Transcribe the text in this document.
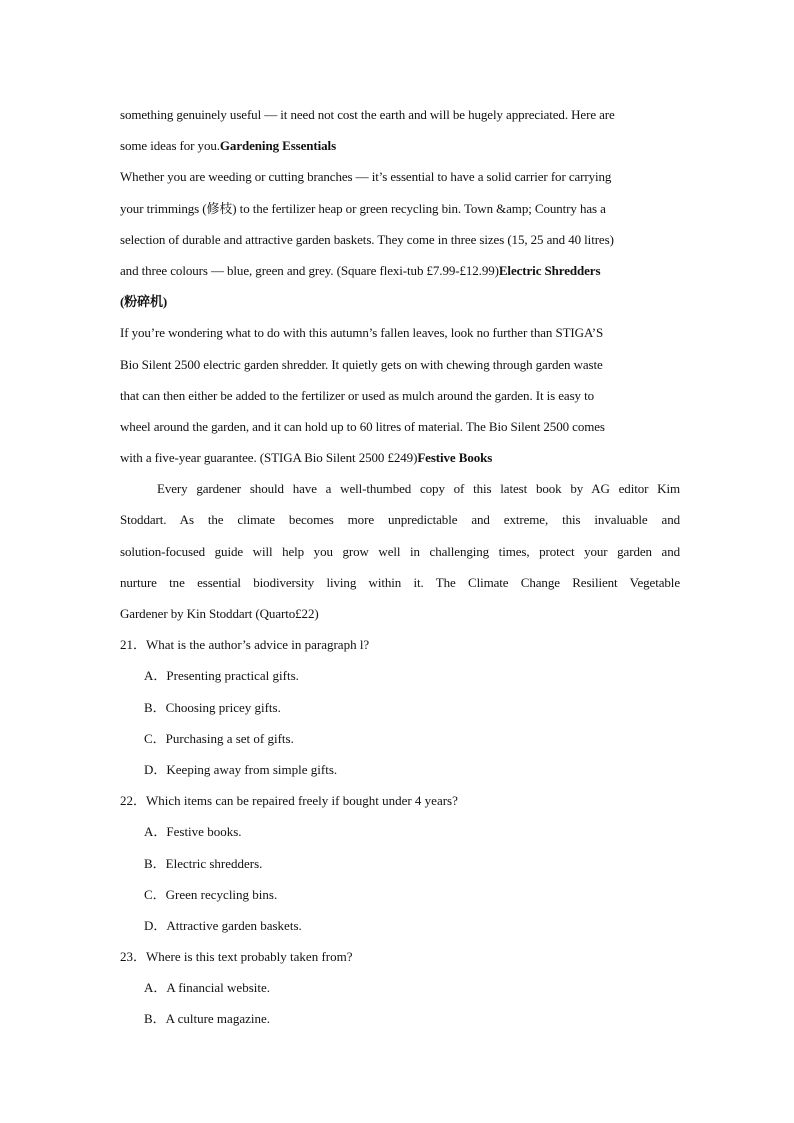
something genuinely useful — it need not cost the earth and will be hugely appreciated. Here are
some ideas for you.Gardening Essentials
Whether you are weeding or cutting branches — it’s essential to have a solid carrier for carrying
your trimmings (修枝) to the fertilizer heap or green recycling bin. Town &amp; Country has a
selection of durable and attractive garden baskets. They come in three sizes (15, 25 and 40 litres)
and three colours — blue, green and grey. (Square flexi-tub £7.99-£12.99)Electric Shredders
(粉碎机)
If you’re wondering what to do with this autumn’s fallen leaves, look no further than STIGA’S
Bio Silent 2500 electric garden shredder. It quietly gets on with chewing through garden waste
that can then either be added to the fertilizer or used as mulch around the garden. It is easy to
wheel around the garden, and it can hold up to 60 litres of material. The Bio Silent 2500 comes
with a five-year guarantee. (STIGA Bio Silent 2500 £249)Festive Books
Every gardener should have a well-thumbed copy of this latest book by AG editor Kim
Stoddart. As the climate becomes more unpredictable and extreme, this invaluable and
solution-focused guide will help you grow well in challenging times, protect your garden and
nurture tne essential biodiversity living within it. The Climate Change Resilient Vegetable
Gardener by Kin Stoddart (Quarto£22)
21．What is the author’s advice in paragraph l?
A．Presenting practical gifts.
B．Choosing pricey gifts.
C．Purchasing a set of gifts.
D．Keeping away from simple gifts.
22．Which items can be repaired freely if bought under 4 years?
A．Festive books.
B．Electric shredders.
C．Green recycling bins.
D．Attractive garden baskets.
23．Where is this text probably taken from?
A．A financial website.
B．A culture magazine.
